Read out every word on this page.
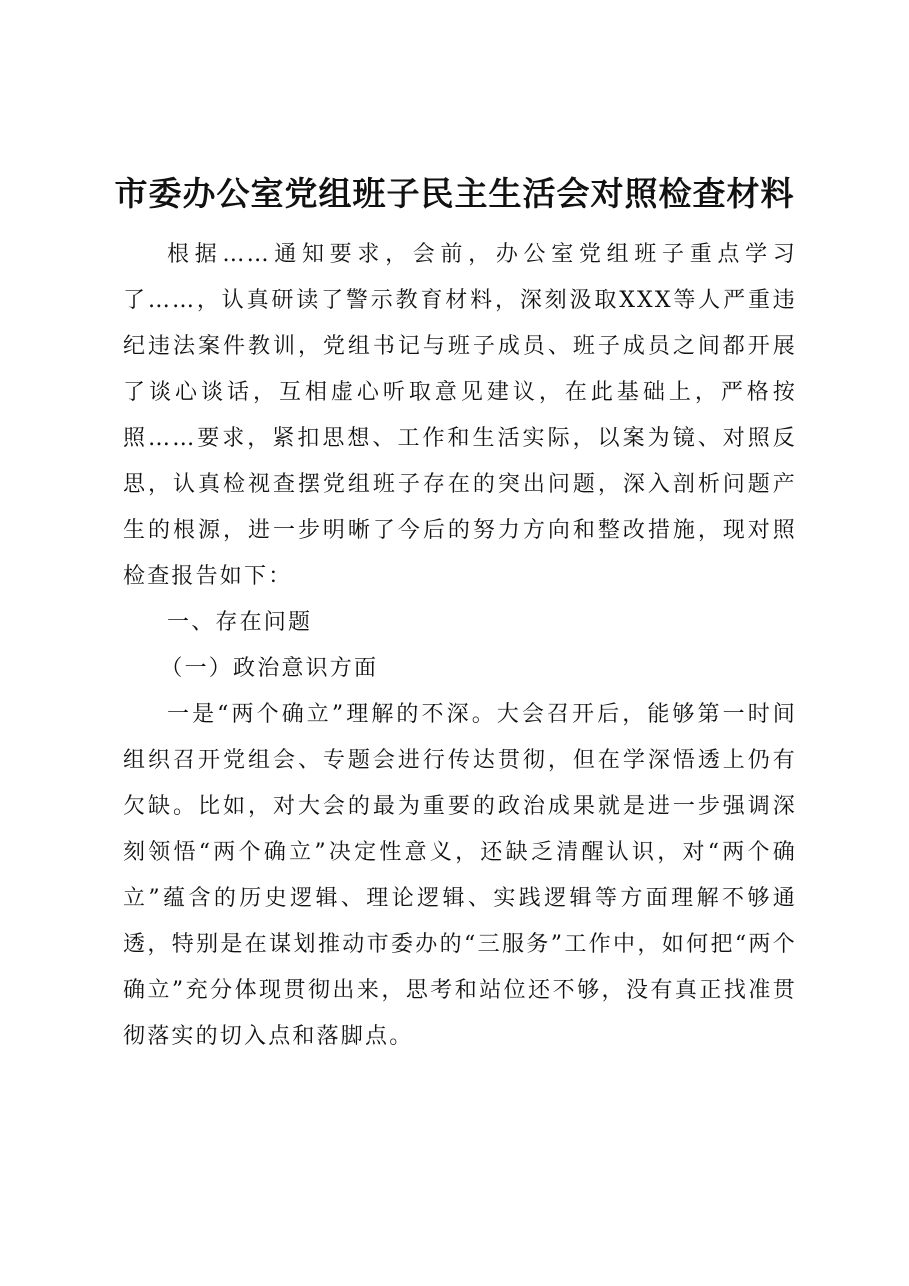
市委办公室党组班子民主生活会对照检查材料

根据……通知要求，会前，办公室党组班子重点学习了……，认真研读了警示教育材料，深刻汲取XXX等人严重违纪违法案件教训，党组书记与班子成员、班子成员之间都开展了谈心谈话，互相虚心听取意见建议，在此基础上，严格按照……要求，紧扣思想、工作和生活实际，以案为镜、对照反思，认真检视查摆党组班子存在的突出问题，深入剖析问题产生的根源，进一步明晰了今后的努力方向和整改措施，现对照检查报告如下：

一、存在问题

（一）政治意识方面

一是“两个确立”理解的不深。大会召开后，能够第一时间组织召开党组会、专题会进行传达贯彻，但在学深悟透上仍有欠缺。比如，对大会的最为重要的政治成果就是进一步强调深刻领悟“两个确立”决定性意义，还缺乏清醒认识，对“两个确立”蕴含的历史逻辑、理论逻辑、实践逻辑等方面理解不够通透，特别是在谋划推动市委办的“三服务”工作中，如何把“两个确立”充分体现贯彻出来，思考和站位还不够，没有真正找准贯彻落实的切入点和落脚点。
